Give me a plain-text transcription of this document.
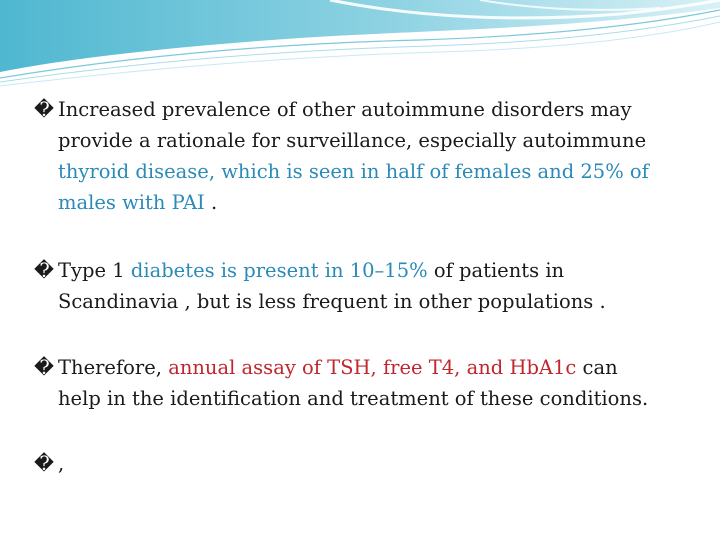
� Increased prevalence of other autoimmune disorders may
provide a rationale for surveillance, especially autoimmune
thyroid disease, which is seen in half of females and 25% of
males with PAI .
� Type 1 diabetes is present in 10–15% of patients in
Scandinavia , but is less frequent in other populations .
� Therefore, annual assay of TSH, free T4, and HbA1c can
help in the identification and treatment of these conditions.
� ,
